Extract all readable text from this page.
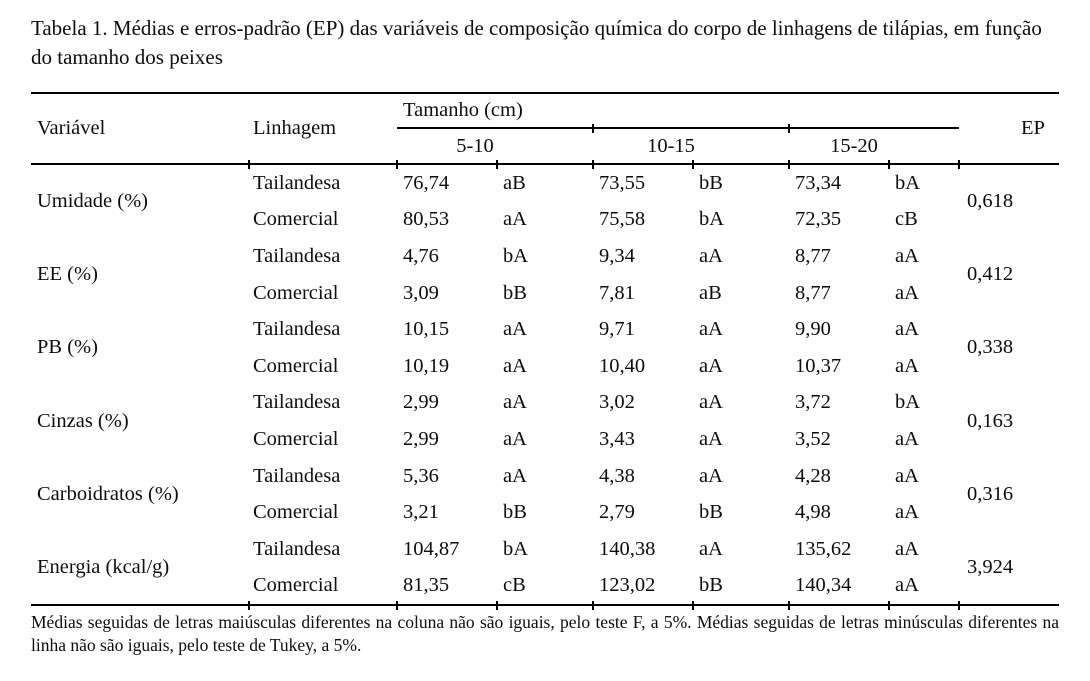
Tabela 1. Médias e erros-padrão (EP) das variáveis de composição química do corpo de linhagens de tilápias, em função do tamanho dos peixes

Variável	Linhagem	Tamanho (cm)						EP
		5-10		10-15		15-20		
Umidade (%)	Tailandesa	76,74	aB	73,55	bB	73,34	bA	0,618
	Comercial	80,53	aA	75,58	bA	72,35	cB	
EE (%)	Tailandesa	4,76	bA	9,34	aA	8,77	aA	0,412
	Comercial	3,09	bB	7,81	aB	8,77	aA	
PB (%)	Tailandesa	10,15	aA	9,71	aA	9,90	aA	0,338
	Comercial	10,19	aA	10,40	aA	10,37	aA	
Cinzas (%)	Tailandesa	2,99	aA	3,02	aA	3,72	bA	0,163
	Comercial	2,99	aA	3,43	aA	3,52	aA	
Carboidratos (%)	Tailandesa	5,36	aA	4,38	aA	4,28	aA	0,316
	Comercial	3,21	bB	2,79	bB	4,98	aA	
Energia (kcal/g)	Tailandesa	104,87	bA	140,38	aA	135,62	aA	3,924
	Comercial	81,35	cB	123,02	bB	140,34	aA	

Médias seguidas de letras maiúsculas diferentes na coluna não são iguais, pelo teste F, a 5%. Médias seguidas de letras minúsculas diferentes na linha não são iguais, pelo teste de Tukey, a 5%.
